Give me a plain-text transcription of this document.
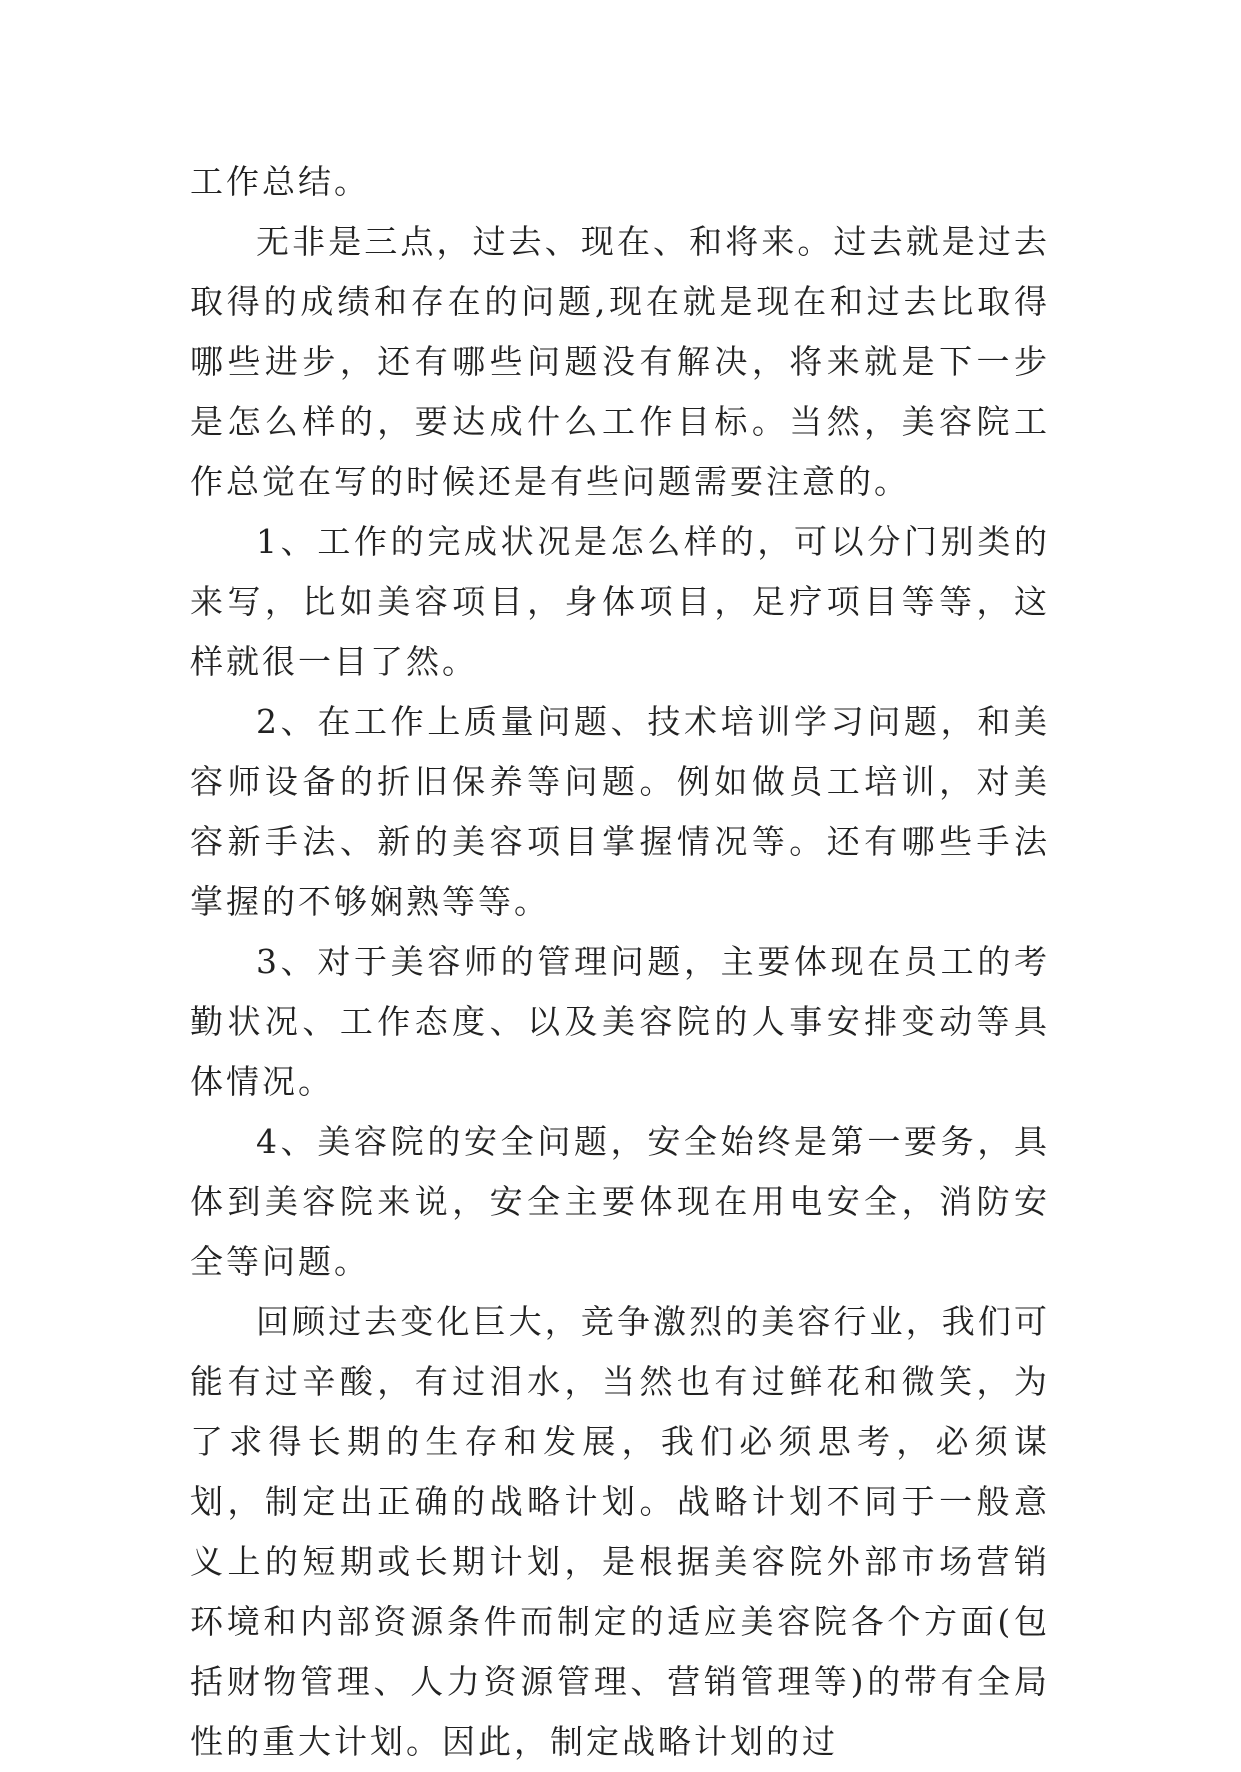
工作总结。

无非是三点，过去、现在、和将来。过去就是过去取得的成绩和存在的问题,现在就是现在和过去比取得哪些进步，还有哪些问题没有解决，将来就是下一步是怎么样的，要达成什么工作目标。当然，美容院工作总觉在写的时候还是有些问题需要注意的。

1、工作的完成状况是怎么样的，可以分门别类的来写，比如美容项目，身体项目，足疗项目等等，这样就很一目了然。

2、在工作上质量问题、技术培训学习问题，和美容师设备的折旧保养等问题。例如做员工培训，对美容新手法、新的美容项目掌握情况等。还有哪些手法掌握的不够娴熟等等。

3、对于美容师的管理问题，主要体现在员工的考勤状况、工作态度、以及美容院的人事安排变动等具体情况。

4、美容院的安全问题，安全始终是第一要务，具体到美容院来说，安全主要体现在用电安全，消防安全等问题。

回顾过去变化巨大，竞争激烈的美容行业，我们可能有过辛酸，有过泪水，当然也有过鲜花和微笑，为了求得长期的生存和发展，我们必须思考，必须谋划，制定出正确的战略计划。战略计划不同于一般意义上的短期或长期计划，是根据美容院外部市场营销环境和内部资源条件而制定的适应美容院各个方面(包括财物管理、人力资源管理、营销管理等)的带有全局性的重大计划。因此，制定战略计划的过
